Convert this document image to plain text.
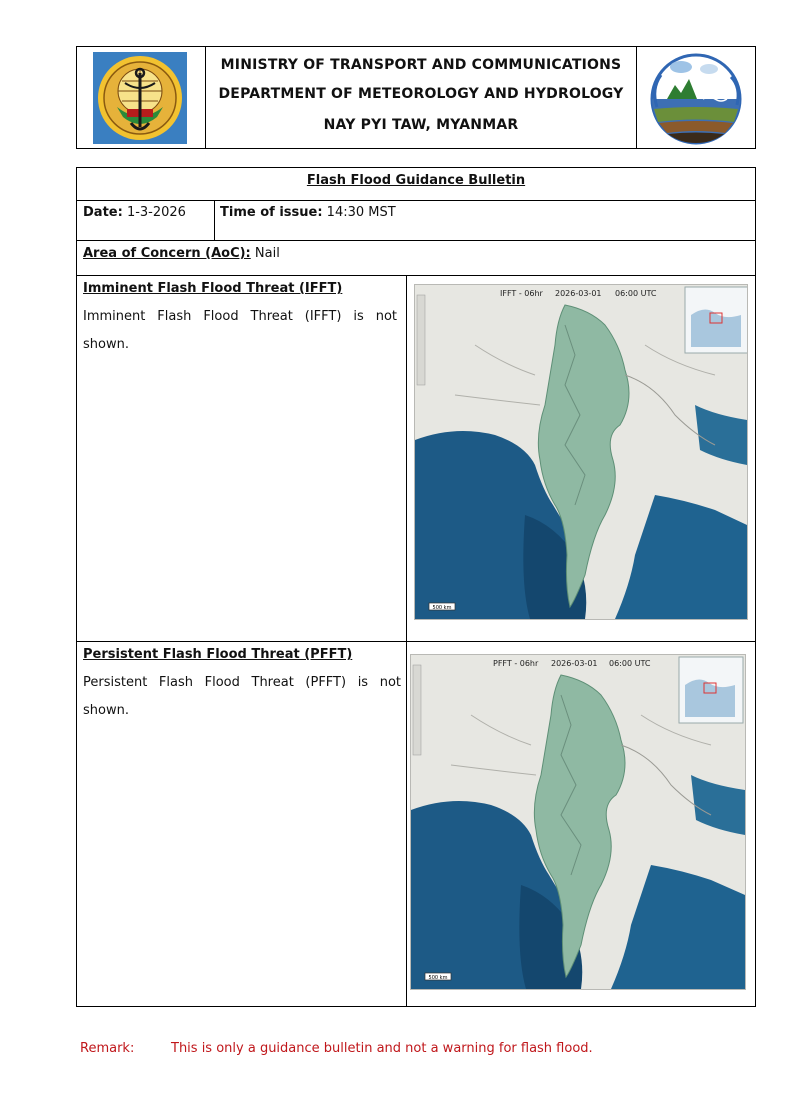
MINISTRY OF TRANSPORT AND COMMUNICATIONS
DEPARTMENT OF METEOROLOGY AND HYDROLOGY
NAY PYI TAW, MYANMAR
Flash Flood Guidance Bulletin
Date: 1-3-2026	Time of issue: 14:30 MST
Area of Concern (AoC): Nail
Imminent Flash Flood Threat (IFFT)
Imminent Flash Flood Threat (IFFT) is not shown.
500 km
IFFT - 06hr 2026-03-01 06:00 UTC
Persistent Flash Flood Threat (PFFT)
Persistent Flash Flood Threat (PFFT) is not shown.
500 km
PFFT - 06hr 2026-03-01 06:00 UTC
Remark:	This is only a guidance bulletin and not a warning for flash flood.
